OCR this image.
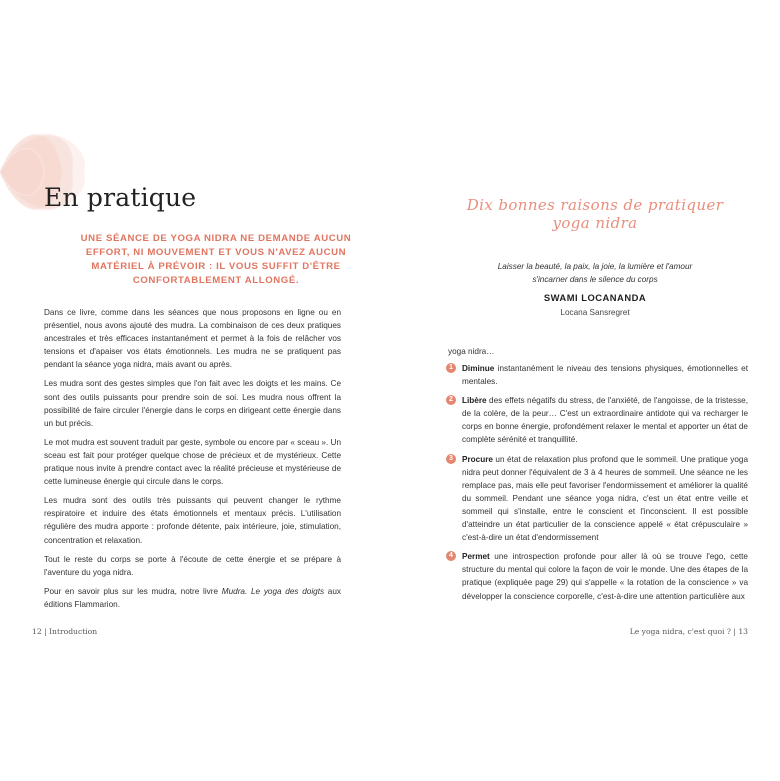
En pratique

UNE SÉANCE DE YOGA NIDRA NE DEMANDE AUCUN EFFORT, NI MOUVEMENT ET VOUS N'AVEZ AUCUN MATÉRIEL À PRÉVOIR : IL VOUS SUFFIT D'ÊTRE CONFORTABLEMENT ALLONGÉ.

Dans ce livre, comme dans les séances que nous proposons en ligne ou en présentiel, nous avons ajouté des mudra. La combinaison de ces deux pratiques ancestrales et très efficaces instantanément et permet à la fois de relâcher vos tensions et d'apaiser vos états émotionnels. Les mudra ne se pratiquent pas pendant la séance yoga nidra, mais avant ou après.

Les mudra sont des gestes simples que l'on fait avec les doigts et les mains. Ce sont des outils puissants pour prendre soin de soi. Les mudra nous offrent la possibilité de faire circuler l'énergie dans le corps en dirigeant cette énergie dans un but précis.

Le mot mudra est souvent traduit par geste, symbole ou encore par « sceau ». Un sceau est fait pour protéger quelque chose de précieux et de mystérieux. Cette pratique nous invite à prendre contact avec la réalité précieuse et mystérieuse de cette lumineuse énergie qui circule dans le corps.

Les mudra sont des outils très puissants qui peuvent changer le rythme respiratoire et induire des états émotionnels et mentaux précis. L'utilisation régulière des mudra apporte : profonde détente, paix intérieure, joie, stimulation, concentration et relaxation.

Tout le reste du corps se porte à l'écoute de cette énergie et se prépare à l'aventure du yoga nidra.

Pour en savoir plus sur les mudra, notre livre Mudra. Le yoga des doigts aux éditions Flammarion.

12 | Introduction

Dix bonnes raisons de pratiquer yoga nidra

Laisser la beauté, la paix, la joie, la lumière et l'amour
s'incarner dans le silence du corps

SWAMI LOCANANDA

Locana Sansregret

yoga nidra…

1	Diminue instantanément le niveau des tensions physiques, émotionnelles et mentales.

2	Libère des effets négatifs du stress, de l'anxiété, de l'angoisse, de la tristesse, de la colère, de la peur… C'est un extraordinaire antidote qui va recharger le corps en bonne énergie, profondément relaxer le mental et apporter un état de complète sérénité et tranquillité.

3	Procure un état de relaxation plus profond que le sommeil. Une pratique yoga nidra peut donner l'équivalent de 3 à 4 heures de sommeil. Une séance ne les remplace pas, mais elle peut favoriser l'endormissement et améliorer la qualité du sommeil. Pendant une séance yoga nidra, c'est un état entre veille et sommeil qui s'installe, entre le conscient et l'inconscient. Il est possible d'atteindre un état particulier de la conscience appelé « état crépusculaire » c'est-à-dire un état d'endormissement

4	Permet une introspection profonde pour aller là où se trouve l'ego, cette structure du mental qui colore la façon de voir le monde. Une des étapes de la pratique (expliquée page 29) qui s'appelle « la rotation de la conscience » va développer la conscience corporelle, c'est-à-dire une attention particulière aux

Le yoga nidra, c'est quoi ? | 13
